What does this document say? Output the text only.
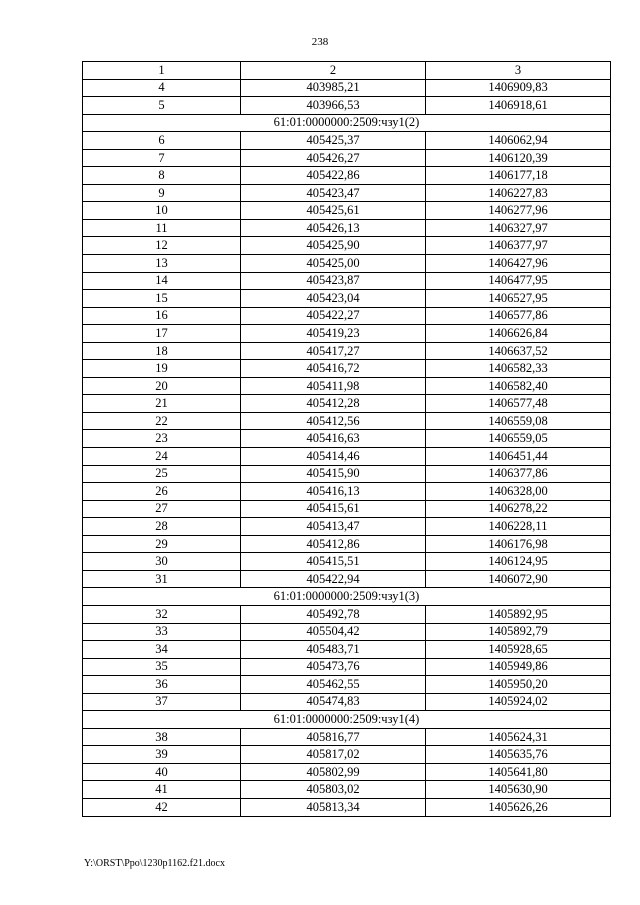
238
1	2	3
4	403985,21	1406909,83
5	403966,53	1406918,61
61:01:0000000:2509:чзу1(2)		
6	405425,37	1406062,94
7	405426,27	1406120,39
8	405422,86	1406177,18
9	405423,47	1406227,83
10	405425,61	1406277,96
11	405426,13	1406327,97
12	405425,90	1406377,97
13	405425,00	1406427,96
14	405423,87	1406477,95
15	405423,04	1406527,95
16	405422,27	1406577,86
17	405419,23	1406626,84
18	405417,27	1406637,52
19	405416,72	1406582,33
20	405411,98	1406582,40
21	405412,28	1406577,48
22	405412,56	1406559,08
23	405416,63	1406559,05
24	405414,46	1406451,44
25	405415,90	1406377,86
26	405416,13	1406328,00
27	405415,61	1406278,22
28	405413,47	1406228,11
29	405412,86	1406176,98
30	405415,51	1406124,95
31	405422,94	1406072,90
61:01:0000000:2509:чзу1(3)		
32	405492,78	1405892,95
33	405504,42	1405892,79
34	405483,71	1405928,65
35	405473,76	1405949,86
36	405462,55	1405950,20
37	405474,83	1405924,02
61:01:0000000:2509:чзу1(4)		
38	405816,77	1405624,31
39	405817,02	1405635,76
40	405802,99	1405641,80
41	405803,02	1405630,90
42	405813,34	1405626,26
Y:\ORST\Ppo\1230p1162.f21.docx
